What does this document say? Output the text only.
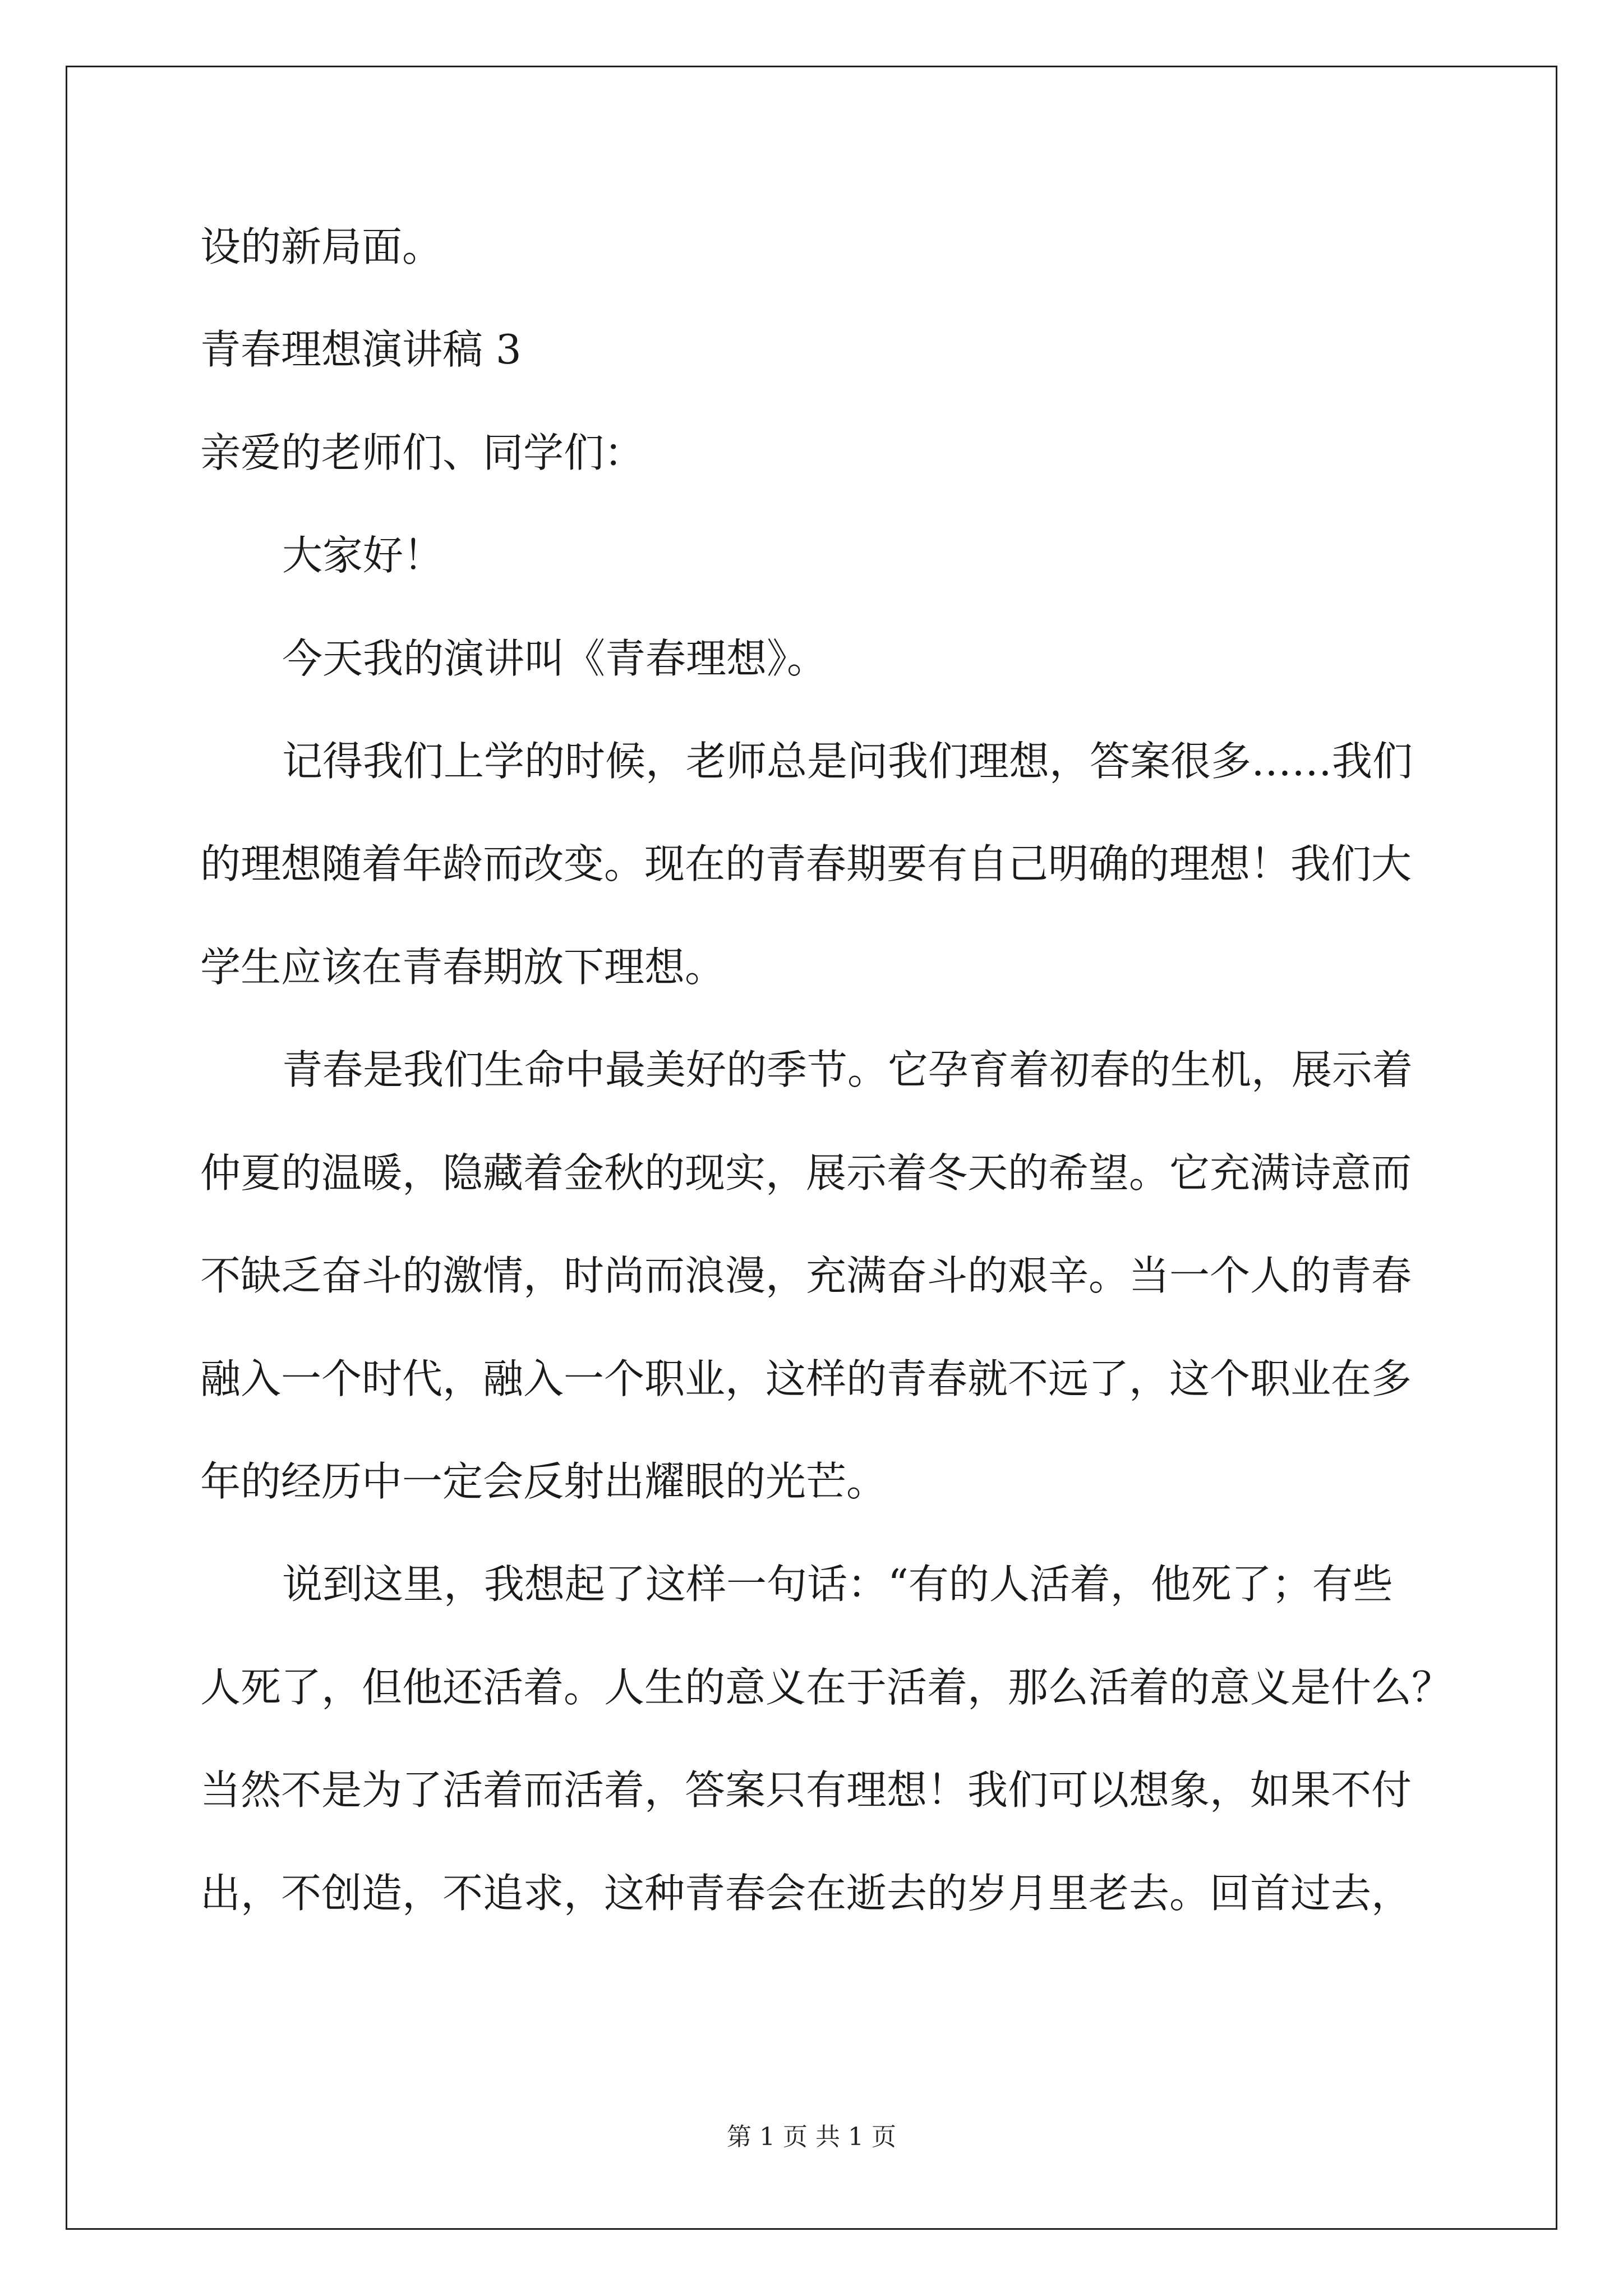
设的新局面。
青春理想演讲稿 3
亲爱的老师们、同学们：
大家好！
今天我的演讲叫《青春理想》。
记得我们上学的时候，老师总是问我们理想，答案很多……我们
的理想随着年龄而改变。现在的青春期要有自己明确的理想！我们大
学生应该在青春期放下理想。
青春是我们生命中最美好的季节。它孕育着初春的生机，展示着
仲夏的温暖，隐藏着金秋的现实，展示着冬天的希望。它充满诗意而
不缺乏奋斗的激情，时尚而浪漫，充满奋斗的艰辛。当一个人的青春
融入一个时代，融入一个职业，这样的青春就不远了，这个职业在多
年的经历中一定会反射出耀眼的光芒。
说到这里，我想起了这样一句话：“有的人活着，他死了；有些
人死了，但他还活着。人生的意义在于活着，那么活着的意义是什么？
当然不是为了活着而活着，答案只有理想！我们可以想象，如果不付
出，不创造，不追求，这种青春会在逝去的岁月里老去。回首过去，
第 1 页 共 1 页
